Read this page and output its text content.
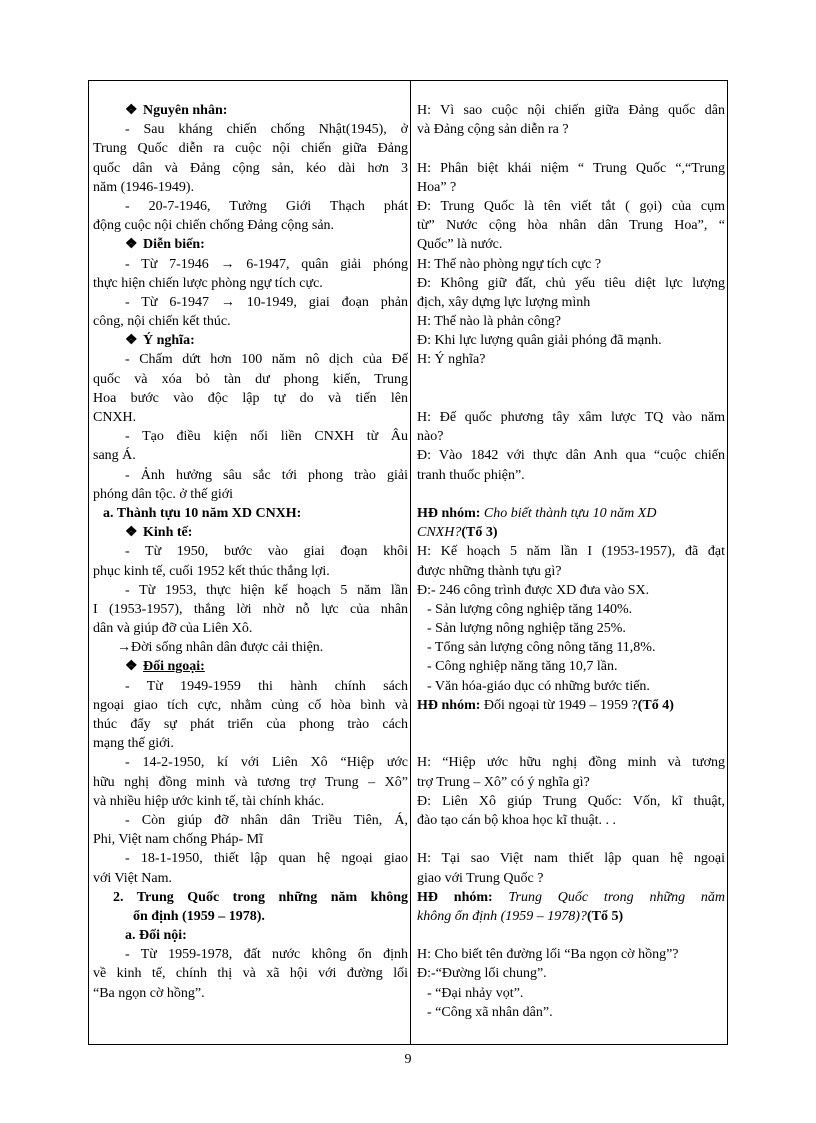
❖ Nguyên nhân:
- Sau kháng chiến chống Nhật(1945), ở
Trung Quốc diễn ra cuộc nội chiến giữa Đảng
quốc dân và Đảng cộng sản, kéo dài hơn 3
năm (1946-1949).
- 20-7-1946, Tưởng Giới Thạch phát
động cuộc nội chiến chống Đảng cộng sản.
❖ Diễn biến:
- Từ 7-1946 → 6-1947, quân giải phóng
thực hiện chiến lược phòng ngự tích cực.
- Từ 6-1947 → 10-1949, giai đoạn phản
công, nội chiến kết thúc.
❖ Ý nghĩa:
- Chấm dứt hơn 100 năm nô dịch của Đế
quốc và xóa bỏ tàn dư phong kiến, Trung
Hoa bước vào độc lập tự do và tiến lên
CNXH.
- Tạo điều kiện nối liền CNXH từ Âu
sang Á.
- Ảnh hưởng sâu sắc tới phong trào giải
phóng dân tộc. ở thế giới
a. Thành tựu 10 năm XD CNXH:
❖ Kinh tế:
- Từ 1950, bước vào giai đoạn khôi
phục kinh tế, cuối 1952 kết thúc thắng lợi.
- Từ 1953, thực hiện kế hoạch 5 năm lần
I (1953-1957), thắng lời nhờ nỗ lực của nhân
dân và giúp đỡ của Liên Xô.
→Đời sống nhân dân được cải thiện.
❖ Đối ngoại:
- Từ 1949-1959 thi hành chính sách
ngoại giao tích cực, nhằm củng cố hòa bình và
thúc đẩy sự phát triển của phong trào cách
mạng thế giới.
- 14-2-1950, kí với Liên Xô “Hiệp ước
hữu nghị đồng minh và tương trợ Trung – Xô”
và nhiều hiệp ước kinh tế, tài chính khác.
- Còn giúp đỡ nhân dân Triều Tiên, Á,
Phi, Việt nam chống Pháp- Mĩ
- 18-1-1950, thiết lập quan hệ ngoại giao
với Việt Nam.
2. Trung Quốc trong những năm không
ổn định (1959 – 1978).
a. Đối nội:
- Từ 1959-1978, đất nước không ổn định
về kinh tế, chính thị và xã hội với đường lối
“Ba ngọn cờ hồng”.
H: Vì sao cuộc nội chiến giữa Đảng quốc dân
và Đảng cộng sản diễn ra ?
H: Phân biệt khái niệm “ Trung Quốc “,“Trung
Hoa” ?
Đ: Trung Quốc là tên viết tắt ( gọi) của cụm
từ” Nước cộng hòa nhân dân Trung Hoa”, “
Quốc” là nước.
H: Thế nào phòng ngự tích cực ?
Đ: Không giữ đất, chủ yếu tiêu diệt lực lượng
địch, xây dựng lực lượng mình
H: Thế nào là phản công?
Đ: Khi lực lượng quân giải phóng đã mạnh.
H: Ý nghĩa?
H: Đế quốc phương tây xâm lược TQ vào năm
nào?
Đ: Vào 1842 với thực dân Anh qua “cuộc chiến
tranh thuốc phiện”.
HĐ nhóm: Cho biết thành tựu 10 năm XD
CNXH?(Tổ 3)
H: Kế hoạch 5 năm lần I (1953-1957), đã đạt
được những thành tựu gì?
Đ:- 246 công trình được XD đưa vào SX.
- Sản lượng công nghiệp tăng 140%.
- Sản lượng nông nghiệp tăng 25%.
- Tổng sản lượng công nông tăng 11,8%.
- Công nghiệp năng tăng 10,7 lần.
- Văn hóa-giáo dục có những bước tiến.
HĐ nhóm: Đối ngoại từ 1949 – 1959 ?(Tổ 4)
H: “Hiệp ước hữu nghị đồng minh và tương
trợ Trung – Xô” có ý nghĩa gì?
Đ: Liên Xô giúp Trung Quốc: Vốn, kĩ thuật,
đào tạo cán bộ khoa học kĩ thuật. . .
H: Tại sao Việt nam thiết lập quan hệ ngoại
giao với Trung Quốc ?
HĐ nhóm: Trung Quốc trong những năm
không ổn định (1959 – 1978)?(Tổ 5)
H: Cho biết tên đường lối “Ba ngọn cờ hồng”?
Đ:-“Đường lối chung”.
- “Đại nhảy vọt”.
- “Công xã nhân dân”.
9
